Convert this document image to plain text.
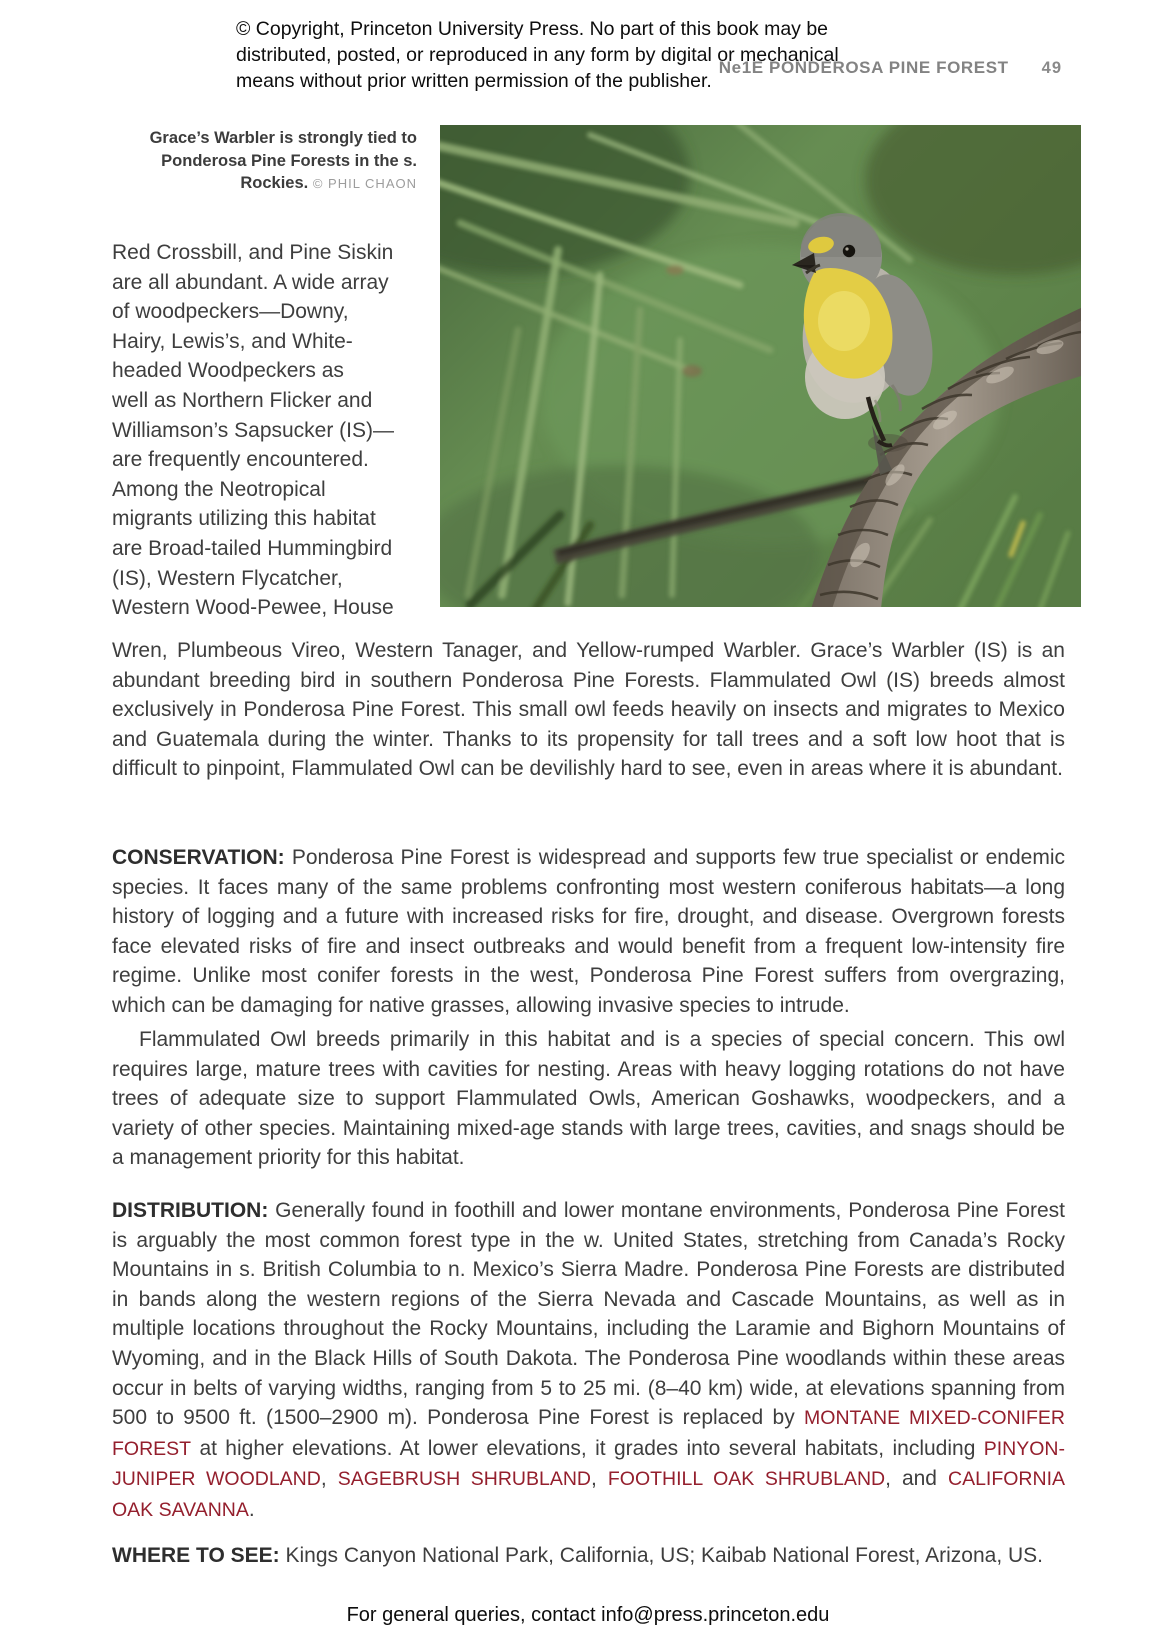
© Copyright, Princeton University Press. No part of this book may be
distributed, posted, or reproduced in any form by digital or mechanical
means without prior written permission of the publisher.
Ne1E PONDEROSA PINE FOREST 49
Grace’s Warbler is strongly tied to Ponderosa Pine Forests in the s. Rockies. © PHIL CHAON
Red Crossbill, and Pine Siskin
are all abundant. A wide array
of woodpeckers—Downy,
Hairy, Lewis’s, and White-
headed Woodpeckers as
well as Northern Flicker and
Williamson’s Sapsucker (IS)—
are frequently encountered.
Among the Neotropical
migrants utilizing this habitat
are Broad-tailed Hummingbird
(IS), Western Flycatcher,
Western Wood-Pewee, House
Wren, Plumbeous Vireo, Western Tanager, and Yellow-rumped Warbler. Grace’s Warbler (IS) is an abundant breeding bird in southern Ponderosa Pine Forests. Flammulated Owl (IS) breeds almost exclusively in Ponderosa Pine Forest. This small owl feeds heavily on insects and migrates to Mexico and Guatemala during the winter. Thanks to its propensity for tall trees and a soft low hoot that is difficult to pinpoint, Flammulated Owl can be devilishly hard to see, even in areas where it is abundant.
CONSERVATION: Ponderosa Pine Forest is widespread and supports few true specialist or endemic species. It faces many of the same problems confronting most western coniferous habitats—a long history of logging and a future with increased risks for fire, drought, and disease. Overgrown forests face elevated risks of fire and insect outbreaks and would benefit from a frequent low-intensity fire regime. Unlike most conifer forests in the west, Ponderosa Pine Forest suffers from overgrazing, which can be damaging for native grasses, allowing invasive species to intrude.
Flammulated Owl breeds primarily in this habitat and is a species of special concern. This owl requires large, mature trees with cavities for nesting. Areas with heavy logging rotations do not have trees of adequate size to support Flammulated Owls, American Goshawks, woodpeckers, and a variety of other species. Maintaining mixed-age stands with large trees, cavities, and snags should be a management priority for this habitat.
DISTRIBUTION: Generally found in foothill and lower montane environments, Ponderosa Pine Forest is arguably the most common forest type in the w. United States, stretching from Canada’s Rocky Mountains in s. British Columbia to n. Mexico’s Sierra Madre. Ponderosa Pine Forests are distributed in bands along the western regions of the Sierra Nevada and Cascade Mountains, as well as in multiple locations throughout the Rocky Mountains, including the Laramie and Bighorn Mountains of Wyoming, and in the Black Hills of South Dakota. The Ponderosa Pine woodlands within these areas occur in belts of varying widths, ranging from 5 to 25 mi. (8–40 km) wide, at elevations spanning from 500 to 9500 ft. (1500–2900 m). Ponderosa Pine Forest is replaced by MONTANE MIXED-CONIFER FOREST at higher elevations. At lower elevations, it grades into several habitats, including PINYON-JUNIPER WOODLAND, SAGEBRUSH SHRUBLAND, FOOTHILL OAK SHRUBLAND, and CALIFORNIA OAK SAVANNA.
WHERE TO SEE: Kings Canyon National Park, California, US; Kaibab National Forest, Arizona, US.
For general queries, contact info@press.princeton.edu
